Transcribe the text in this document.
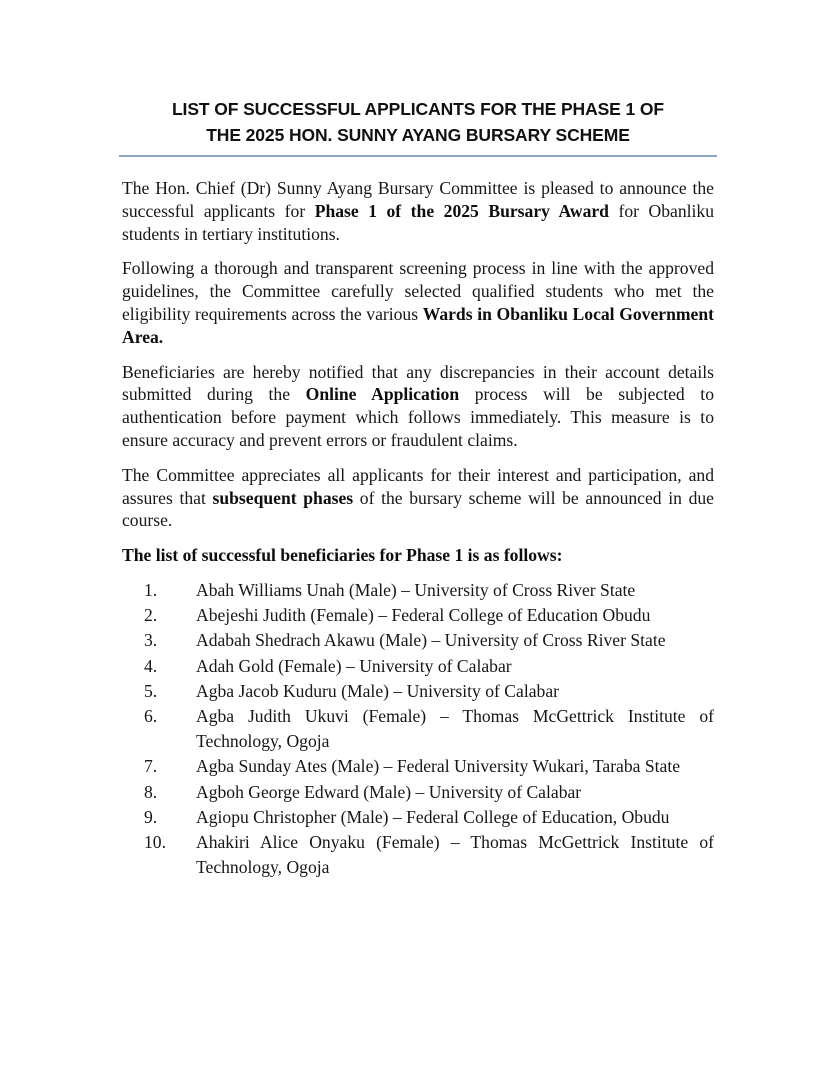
LIST OF SUCCESSFUL APPLICANTS FOR THE PHASE 1 OF
THE 2025 HON. SUNNY AYANG BURSARY SCHEME

The Hon. Chief (Dr) Sunny Ayang Bursary Committee is pleased to announce the successful applicants for Phase 1 of the 2025 Bursary Award for Obanliku students in tertiary institutions.

Following a thorough and transparent screening process in line with the approved guidelines, the Committee carefully selected qualified students who met the eligibility requirements across the various Wards in Obanliku Local Government Area.

Beneficiaries are hereby notified that any discrepancies in their account details submitted during the Online Application process will be subjected to authentication before payment which follows immediately. This measure is to ensure accuracy and prevent errors or fraudulent claims.

The Committee appreciates all applicants for their interest and participation, and assures that subsequent phases of the bursary scheme will be announced in due course.

The list of successful beneficiaries for Phase 1 is as follows:

1. Abah Williams Unah (Male) – University of Cross River State
2. Abejeshi Judith (Female) – Federal College of Education Obudu
3. Adabah Shedrach Akawu (Male) – University of Cross River State
4. Adah Gold (Female) – University of Calabar
5. Agba Jacob Kuduru (Male) – University of Calabar
6. Agba Judith Ukuvi (Female) – Thomas McGettrick Institute of Technology, Ogoja
7. Agba Sunday Ates (Male) – Federal University Wukari, Taraba State
8. Agboh George Edward (Male) – University of Calabar
9. Agiopu Christopher (Male) – Federal College of Education, Obudu
10. Ahakiri Alice Onyaku (Female) – Thomas McGettrick Institute of Technology, Ogoja
